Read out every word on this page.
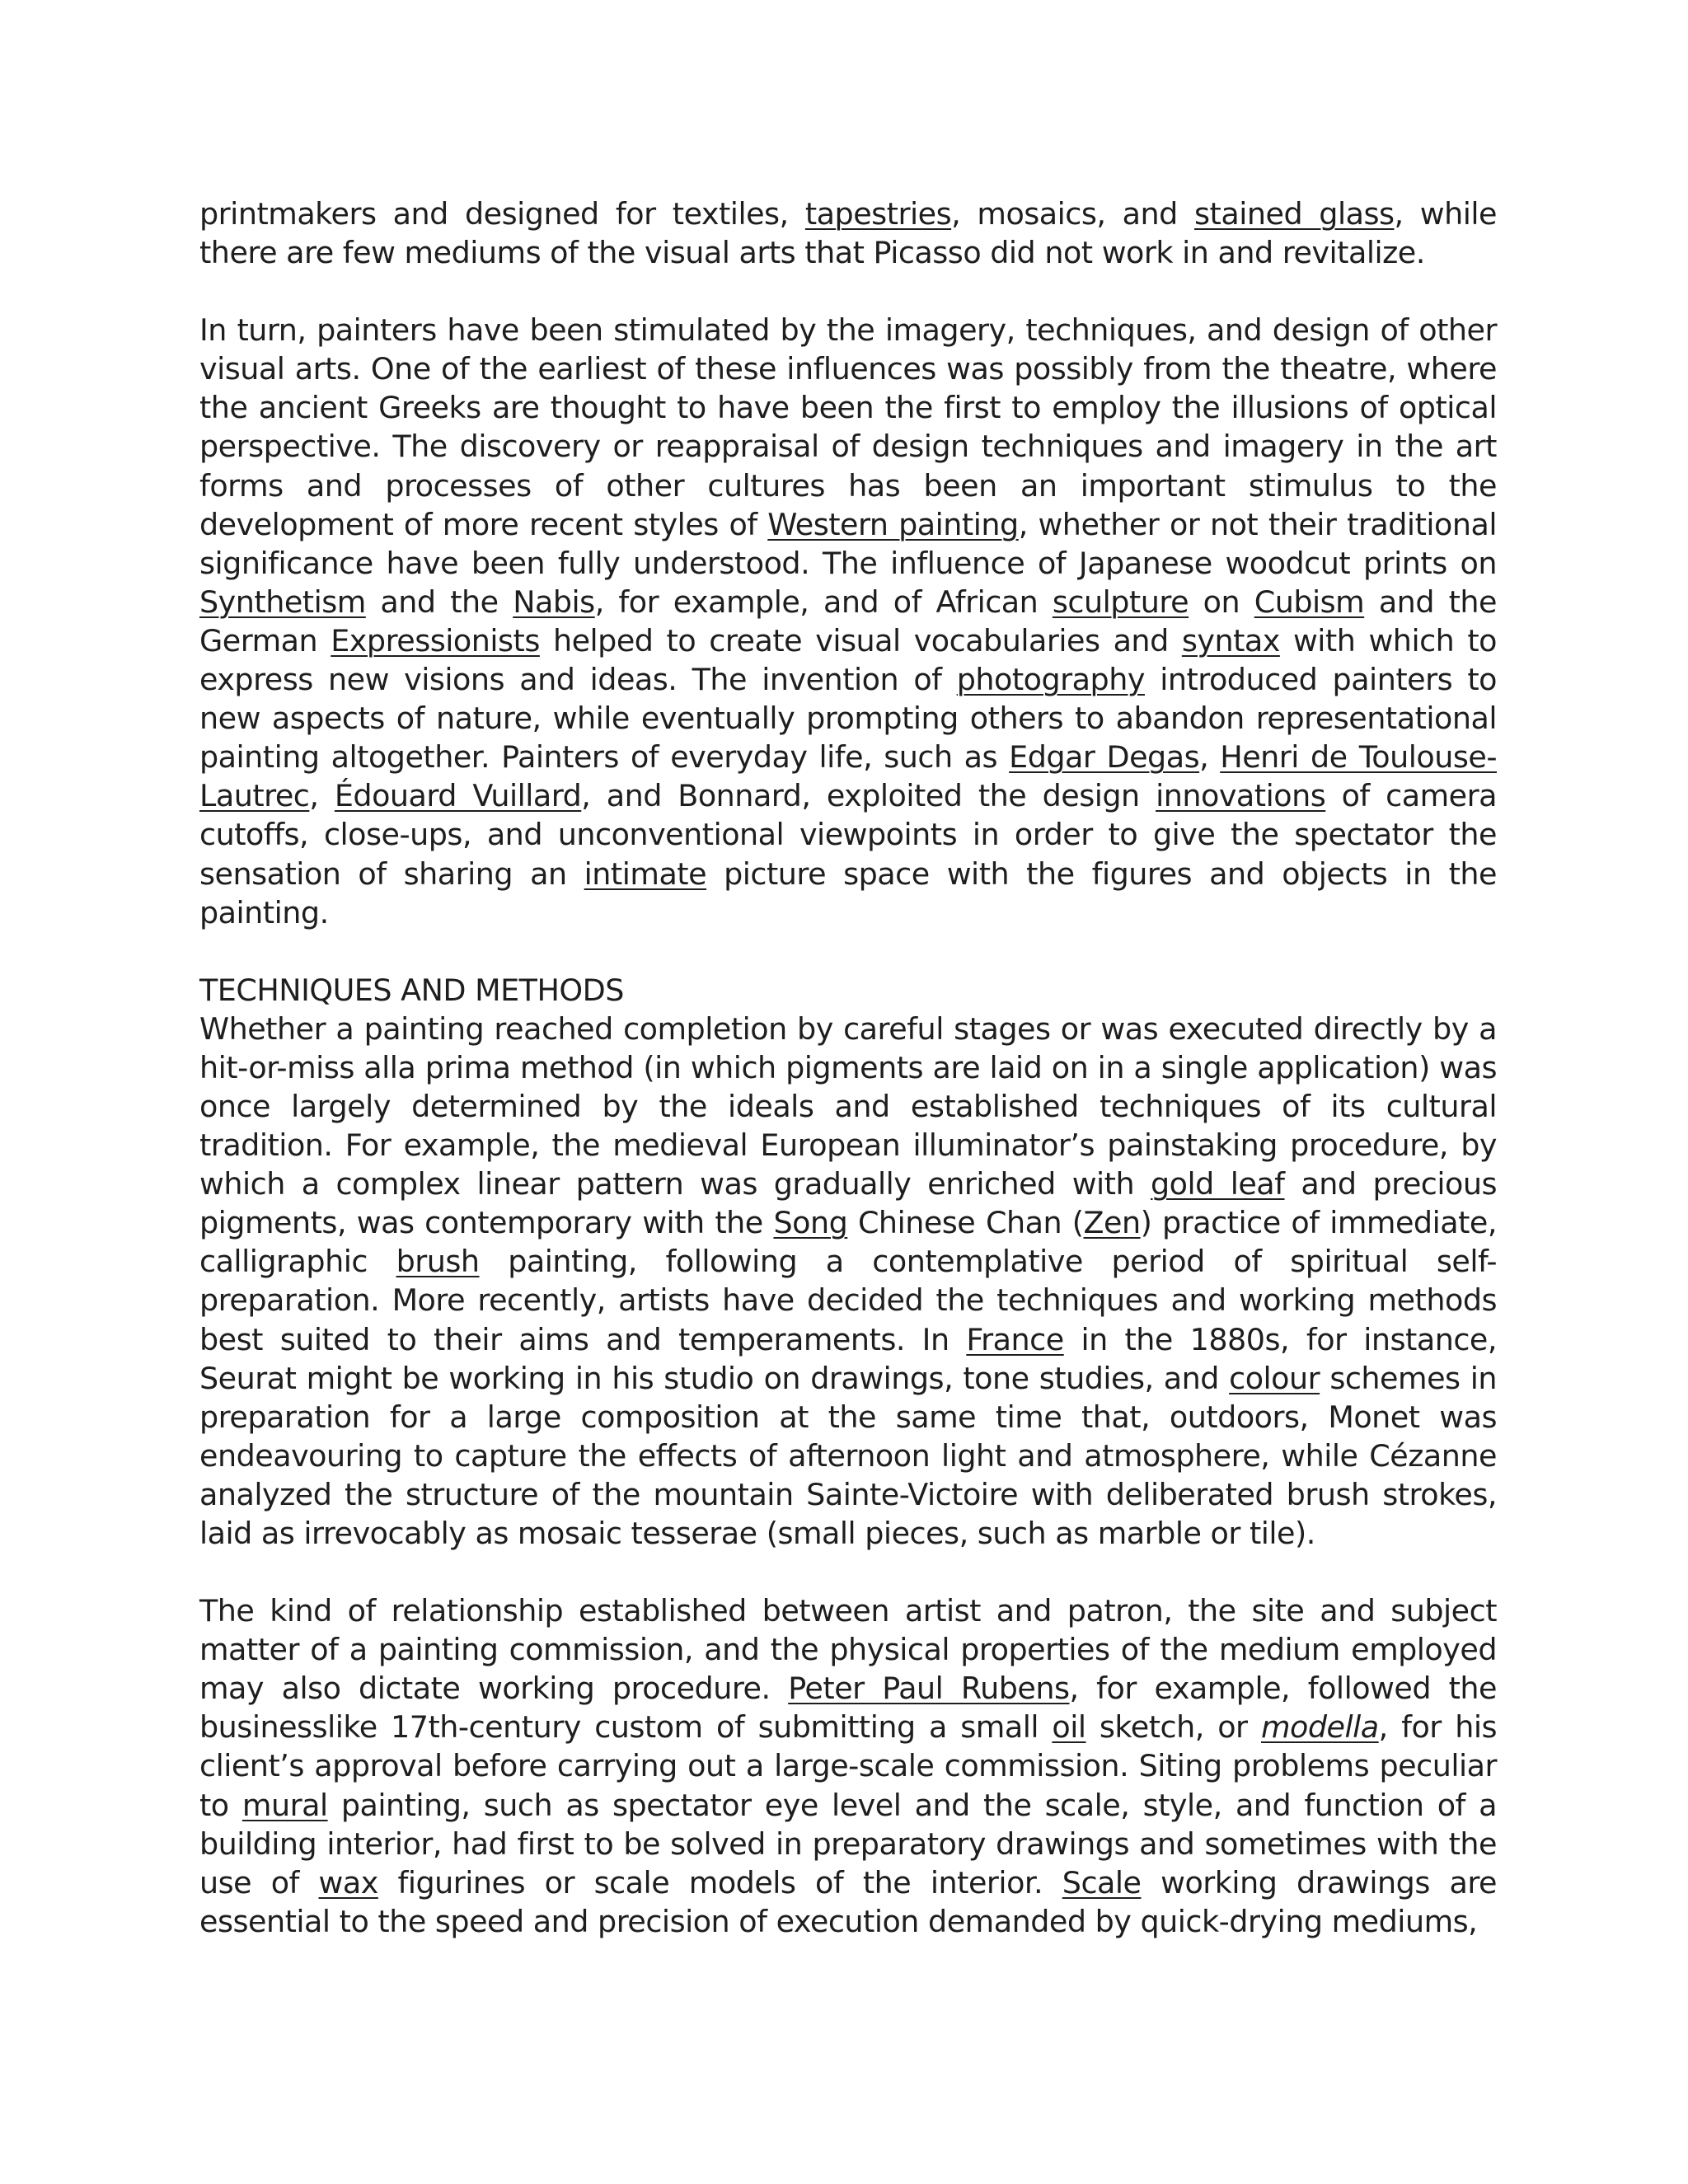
printmakers and designed for textiles, tapestries, mosaics, and stained glass, while there are few mediums of the visual arts that Picasso did not work in and revitalize.

In turn, painters have been stimulated by the imagery, techniques, and design of other visual arts. One of the earliest of these influences was possibly from the theatre, where the ancient Greeks are thought to have been the first to employ the illusions of optical perspective. The discovery or reappraisal of design techniques and imagery in the art forms and processes of other cultures has been an important stimulus to the development of more recent styles of Western painting, whether or not their traditional significance have been fully understood. The influence of Japanese woodcut prints on Synthetism and the Nabis, for example, and of African sculpture on Cubism and the German Expressionists helped to create visual vocabularies and syntax with which to express new visions and ideas. The invention of photography introduced painters to new aspects of nature, while eventually prompting others to abandon representational painting altogether. Painters of everyday life, such as Edgar Degas, Henri de Toulouse-Lautrec, Édouard Vuillard, and Bonnard, exploited the design innovations of camera cutoffs, close-ups, and unconventional viewpoints in order to give the spectator the sensation of sharing an intimate picture space with the figures and objects in the painting.

TECHNIQUES AND METHODS

Whether a painting reached completion by careful stages or was executed directly by a hit-or-miss alla prima method (in which pigments are laid on in a single application) was once largely determined by the ideals and established techniques of its cultural tradition. For example, the medieval European illuminator’s painstaking procedure, by which a complex linear pattern was gradually enriched with gold leaf and precious pigments, was contemporary with the Song Chinese Chan (Zen) practice of immediate, calligraphic brush painting, following a contemplative period of spiritual self-preparation. More recently, artists have decided the techniques and working methods best suited to their aims and temperaments. In France in the 1880s, for instance, Seurat might be working in his studio on drawings, tone studies, and colour schemes in preparation for a large composition at the same time that, outdoors, Monet was endeavouring to capture the effects of afternoon light and atmosphere, while Cézanne analyzed the structure of the mountain Sainte-Victoire with deliberated brush strokes, laid as irrevocably as mosaic tesserae (small pieces, such as marble or tile).

The kind of relationship established between artist and patron, the site and subject matter of a painting commission, and the physical properties of the medium employed may also dictate working procedure. Peter Paul Rubens, for example, followed the businesslike 17th-century custom of submitting a small oil sketch, or modella, for his client’s approval before carrying out a large-scale commission. Siting problems peculiar to mural painting, such as spectator eye level and the scale, style, and function of a building interior, had first to be solved in preparatory drawings and sometimes with the use of wax figurines or scale models of the interior. Scale working drawings are essential to the speed and precision of execution demanded by quick-drying mediums,
